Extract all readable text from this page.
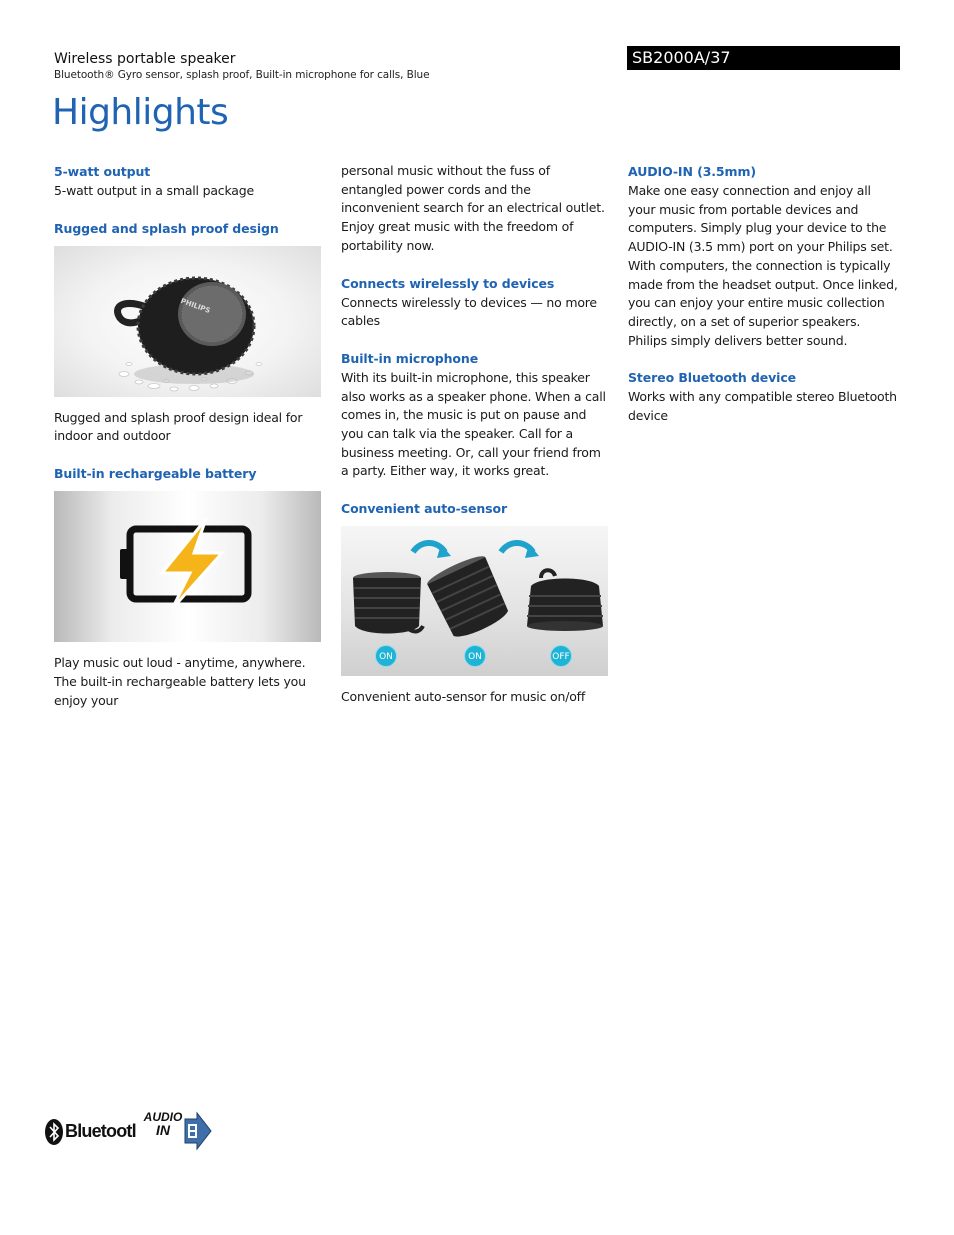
Wireless portable speaker
Bluetooth® Gyro sensor, splash proof, Built-in microphone for calls, Blue
SB2000A/37
Highlights
5-watt output

5-watt output in a small package

Rugged and splash proof design
PHILIPS

Rugged and splash proof design ideal for indoor and outdoor

Built-in rechargeable battery

Play music out loud - anytime, anywhere. The built-in rechargeable battery lets you enjoy your

personal music without the fuss of entangled power cords and the inconvenient search for an electrical outlet. Enjoy great music with the freedom of portability now.

Connects wirelessly to devices

Connects wirelessly to devices — no more cables

Built-in microphone

With its built-in microphone, this speaker also works as a speaker phone. When a call comes in, the music is put on pause and you can talk via the speaker. Call for a business meeting. Or, call your friend from a party. Either way, it works great.

Convenient auto-sensor
ON	ON	OFF

Convenient auto-sensor for music on/off

AUDIO-IN (3.5mm)

Make one easy connection and enjoy all your music from portable devices and computers. Simply plug your device to the AUDIO-IN (3.5 mm) port on your Philips set. With computers, the connection is typically made from the headset output. Once linked, you can enjoy your entire music collection directly, on a set of superior speakers. Philips simply delivers better sound.

Stereo Bluetooth device

Works with any compatible stereo Bluetooth device

Bluetootl
AUDIO
IN
